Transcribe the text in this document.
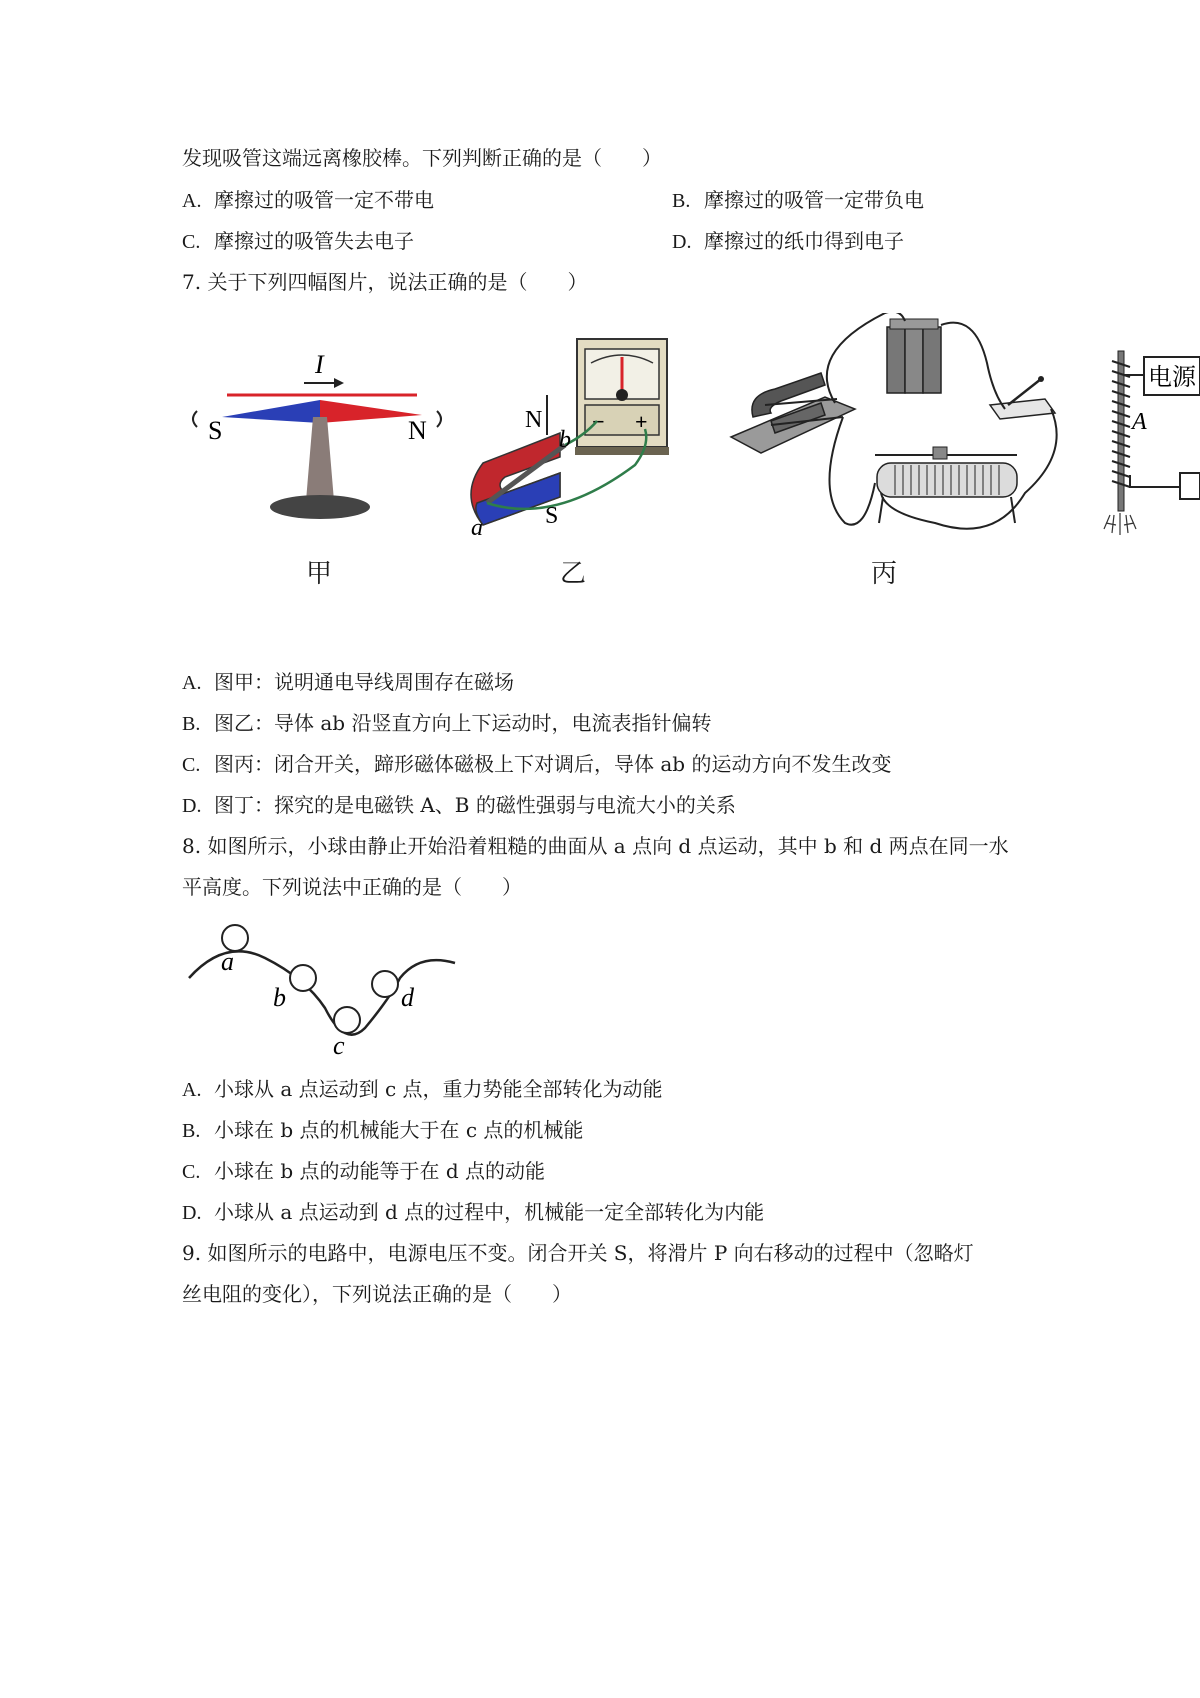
发现吸管这端远离橡胶棒。下列判断正确的是（　　）
A. 摩擦过的吸管一定不带电	B. 摩擦过的吸管一定带负电
C. 摩擦过的吸管失去电子	D. 摩擦过的纸巾得到电子
7. 关于下列四幅图片，说法正确的是（　　）
I
S	N
甲
− +
N
S
a
b
乙	丙
A
电源
A. 图甲：说明通电导线周围存在磁场
B. 图乙：导体 ab 沿竖直方向上下运动时，电流表指针偏转
C. 图丙：闭合开关，蹄形磁体磁极上下对调后，导体 ab 的运动方向不发生改变
D. 图丁：探究的是电磁铁 A、B 的磁性强弱与电流大小的关系
8. 如图所示，小球由静止开始沿着粗糙的曲面从 a 点向 d 点运动，其中 b 和 d 两点在同一水
平高度。下列说法中正确的是（　　）
a
b
c
d
A. 小球从 a 点运动到 c 点，重力势能全部转化为动能
B. 小球在 b 点的机械能大于在 c 点的机械能
C. 小球在 b 点的动能等于在 d 点的动能
D. 小球从 a 点运动到 d 点的过程中，机械能一定全部转化为内能
9. 如图所示的电路中，电源电压不变。闭合开关 S，将滑片 P 向右移动的过程中（忽略灯
丝电阻的变化），下列说法正确的是（　　）
